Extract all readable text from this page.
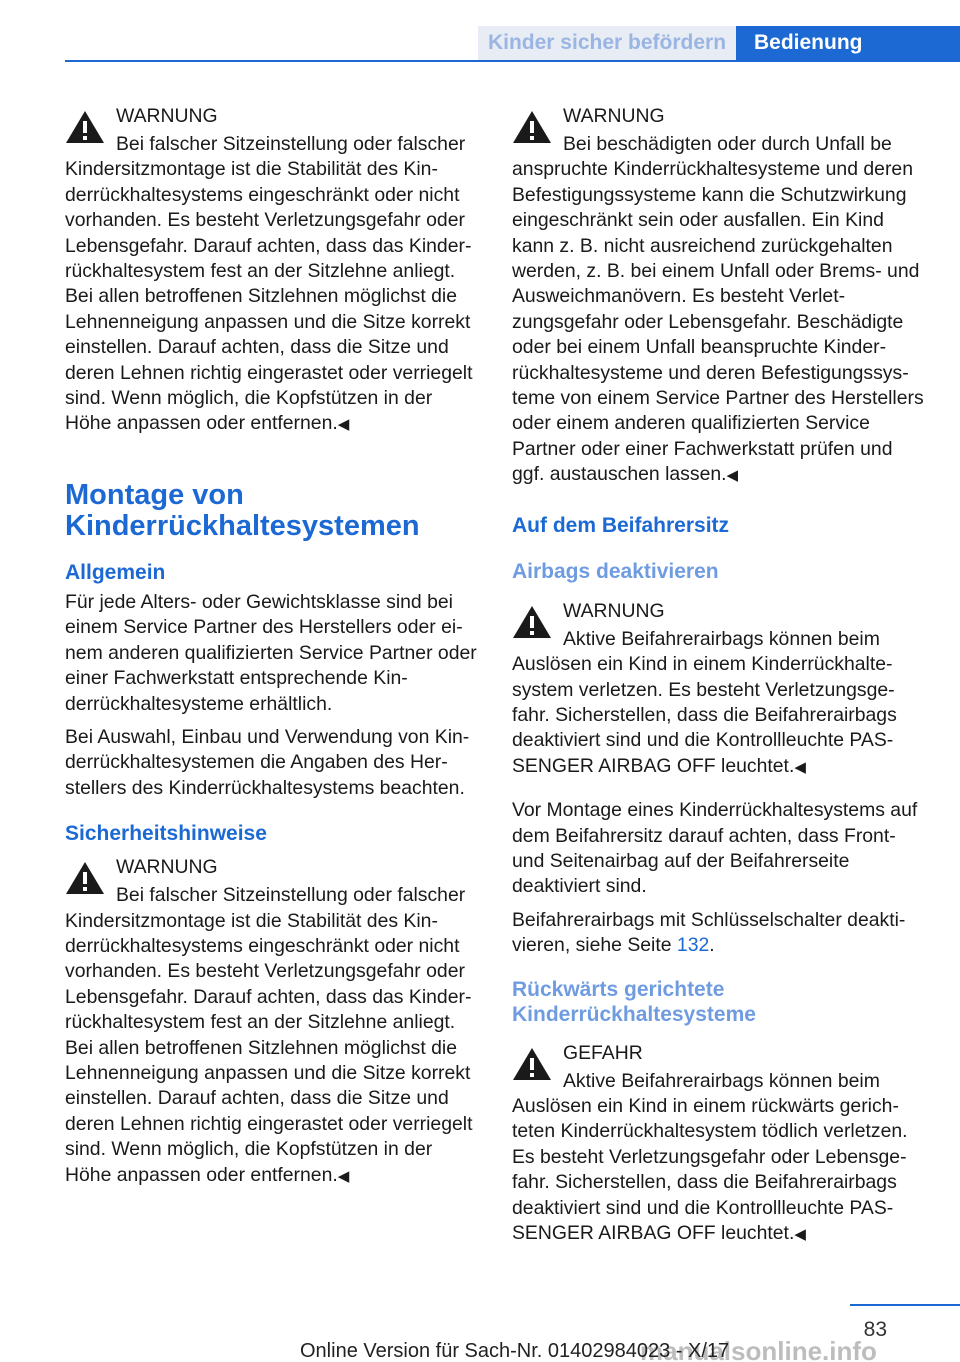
Kinder sicher befördern	Bedienung
WARNUNG
Bei falscher Sitzeinstellung oder falscher
Kindersitzmontage ist die Stabilität des Kinderrückhaltesystems eingeschränkt oder nicht vorhanden. Es besteht Verletzungsgefahr oder Lebensgefahr. Darauf achten, dass das Kinderrückhaltesystem fest an der Sitzlehne anliegt. Bei allen betroffenen Sitzlehnen möglichst die Lehnenneigung anpassen und die Sitze korrekt einstellen. Darauf achten, dass die Sitze und deren Lehnen richtig eingerastet oder verriegelt sind. Wenn möglich, die Kopfstützen in der Höhe anpassen oder entfernen.◀
Montage von Kinderrückhaltesystemen
Allgemein

Für jede Alters- oder Gewichtsklasse sind bei einem Service Partner des Herstellers oder einem anderen qualifizierten Service Partner oder einer Fachwerkstatt entsprechende Kinderrückhaltesysteme erhältlich.

Bei Auswahl, Einbau und Verwendung von Kinderrückhaltesystemen die Angaben des Herstellers des Kinderrückhaltesystems beachten.

Sicherheitshinweise
WARNUNG
Bei falscher Sitzeinstellung oder falscher
Kindersitzmontage ist die Stabilität des Kinderrückhaltesystems eingeschränkt oder nicht vorhanden. Es besteht Verletzungsgefahr oder Lebensgefahr. Darauf achten, dass das Kinderrückhaltesystem fest an der Sitzlehne anliegt. Bei allen betroffenen Sitzlehnen möglichst die Lehnenneigung anpassen und die Sitze korrekt einstellen. Darauf achten, dass die Sitze und deren Lehnen richtig eingerastet oder verriegelt sind. Wenn möglich, die Kopfstützen in der Höhe anpassen oder entfernen.◀
WARNUNG
Bei beschädigten oder durch Unfall be
anspruchte Kinderrückhaltesysteme und deren Befestigungssysteme kann die Schutzwirkung eingeschränkt sein oder ausfallen. Ein Kind kann z. B. nicht ausreichend zurückgehalten werden, z. B. bei einem Unfall oder Brems- und Ausweichmanövern. Es besteht Verletzungsgefahr oder Lebensgefahr. Beschädigte oder bei einem Unfall beanspruchte Kinderrückhaltesysteme und deren Befestigungssysteme von einem Service Partner des Herstellers oder einem anderen qualifizierten Service Partner oder einer Fachwerkstatt prüfen und ggf. austauschen lassen.◀
Auf dem Beifahrersitz
Airbags deaktivieren
WARNUNG
Aktive Beifahrerairbags können beim
Auslösen ein Kind in einem Kinderrückhaltesystem verletzen. Es besteht Verletzungsgefahr. Sicherstellen, dass die Beifahrerairbags deaktiviert sind und die Kontrollleuchte PASSENGER AIRBAG OFF leuchtet.◀

Vor Montage eines Kinderrückhaltesystems auf dem Beifahrersitz darauf achten, dass Front- und Seitenairbag auf der Beifahrerseite deaktiviert sind.

Beifahrerairbags mit Schlüsselschalter deaktivieren, siehe Seite 132.

Rückwärts gerichtete Kinderrückhaltesysteme
GEFAHR
Aktive Beifahrerairbags können beim
Auslösen ein Kind in einem rückwärts gerichteten Kinderrückhaltesystem tödlich verletzen. Es besteht Verletzungsgefahr oder Lebensgefahr. Sicherstellen, dass die Beifahrerairbags deaktiviert sind und die Kontrollleuchte PASSENGER AIRBAG OFF leuchtet.◀
83
manualsonline.info
Online Version für Sach-Nr. 01402984023 - X/17
